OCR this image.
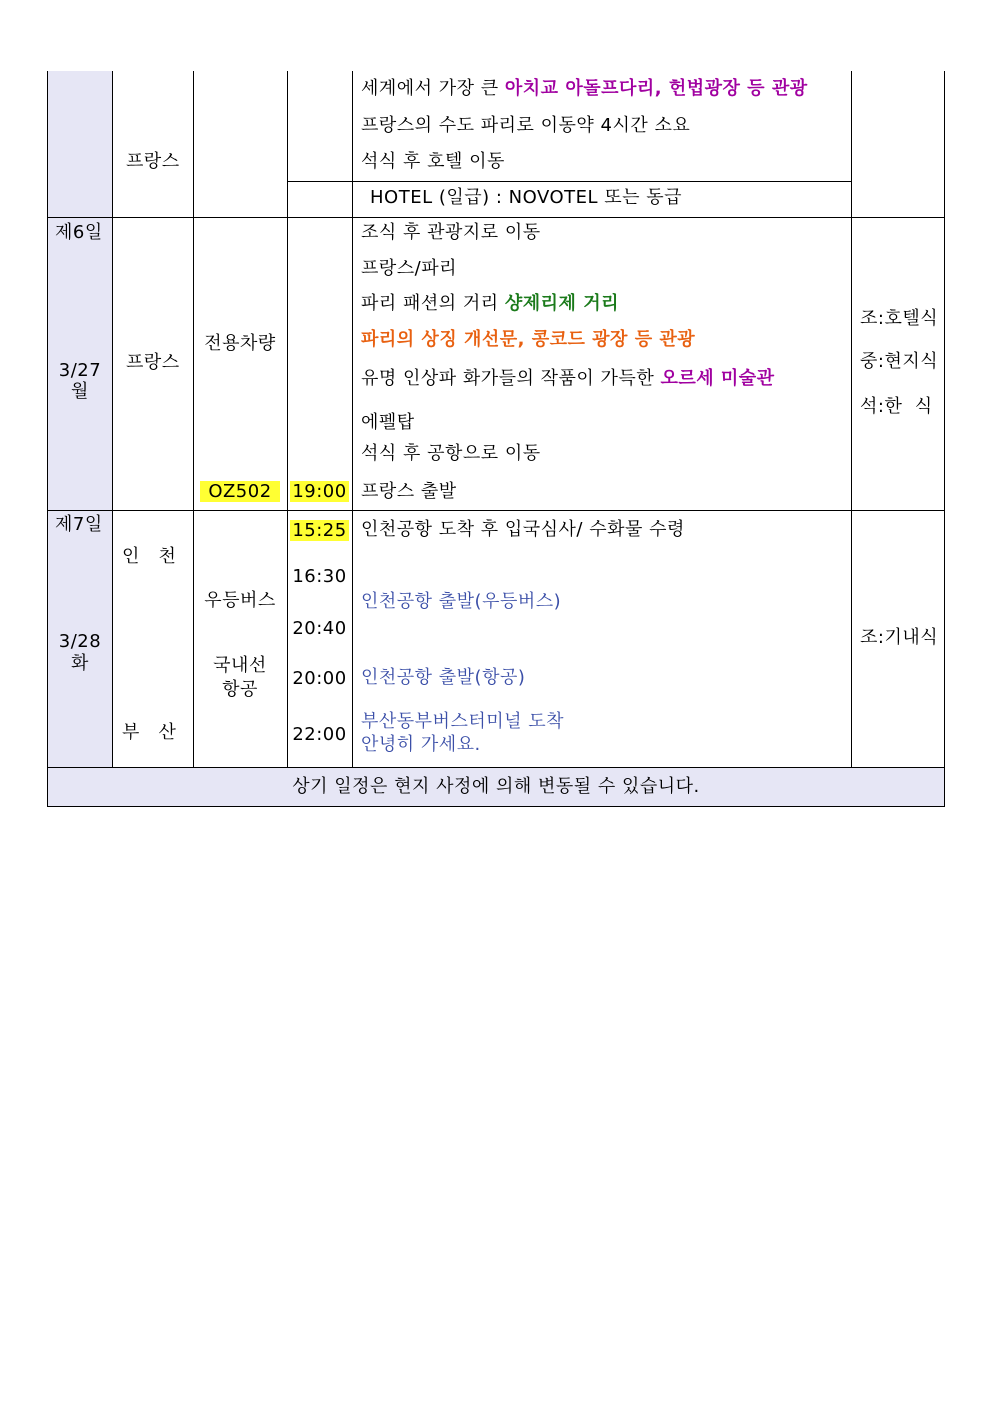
프랑스
세계에서 가장 큰 아치교 아돌프다리, 헌법광장 등 관광
프랑스의 수도 파리로 이동약 4시간 소요
석식 후 호텔 이동
HOTEL (일급) : NOVOTEL 또는 동급
제6일
3/27
월
프랑스
전용차량
OZ502	19:00
조식 후 관광지로 이동
프랑스/파리
파리 패션의 거리 샹제리제 거리
파리의 상징 개선문, 콩코드 광장 등 관광
유명 인상파 화가들의 작품이 가득한 오르세 미술관
에펠탑
석식 후 공항으로 이동
프랑스 출발
조:호텔식
중:현지식
석:한  식
제7일
3/28
화
인   천
부   산
우등버스
국내선
항공
15:25
16:30
20:40
20:00
22:00
인천공항 도착 후 입국심사/ 수화물 수령
인천공항 출발(우등버스)
인천공항 출발(항공)
부산동부버스터미널 도착
안녕히 가세요.
조:기내식
상기 일정은 현지 사정에 의해 변동될 수 있습니다.
